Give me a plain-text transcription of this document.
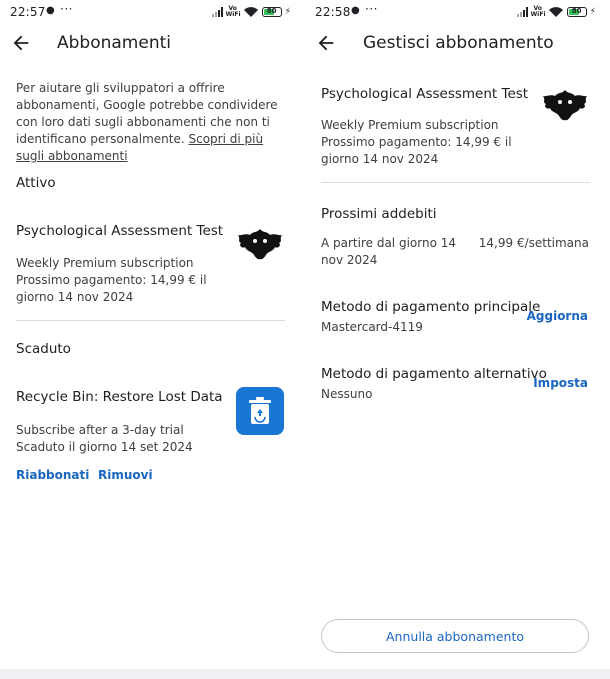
22:57 ● ···	Vo WiFi	80 ⚡
Abbonamenti
Per aiutare gli sviluppatori a offrire abbonamenti, Google potrebbe condividere con loro dati sugli abbonamenti che non ti identificano personalmente. Scopri di più sugli abbonamenti
Attivo
Psychological Assessment Test
Weekly Premium subscription
Prossimo pagamento: 14,99 € il giorno 14 nov 2024
Scaduto
Recycle Bin: Restore Lost Data
Subscribe after a 3-day trial
Scaduto il giorno 14 set 2024
Riabbonati Rimuovi
22:58 ● ···	Vo WiFi	80 ⚡
Gestisci abbonamento
Psychological Assessment Test
Weekly Premium subscription
Prossimo pagamento: 14,99 € il giorno 14 nov 2024
Prossimi addebiti
A partire dal giorno 14 nov 2024
14,99 €/settimana
Metodo di pagamento principale
Mastercard-4119
Aggiorna
Metodo di pagamento alternativo
Nessuno
Imposta
Annulla abbonamento
